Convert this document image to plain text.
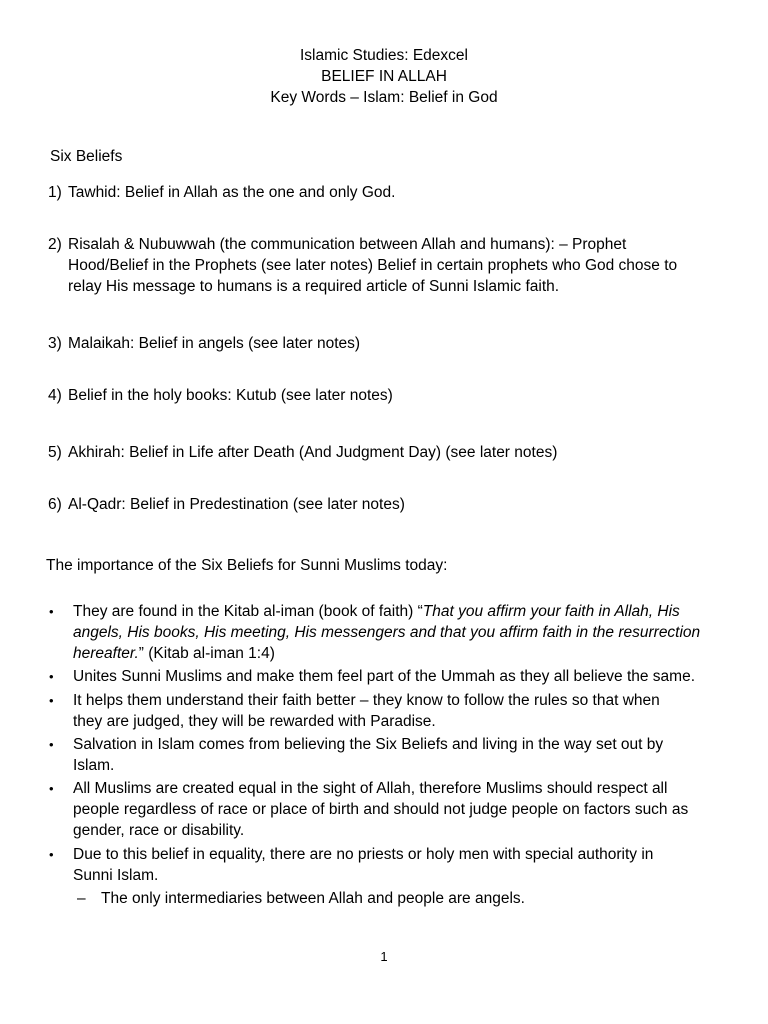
Islamic Studies: Edexcel
BELIEF IN ALLAH
Key Words – Islam: Belief in God
Six Beliefs
1) Tawhid: Belief in Allah as the one and only God.
2) Risalah & Nubuwwah (the communication between Allah and humans): – Prophet
Hood/Belief in the Prophets (see later notes) Belief in certain prophets who God chose to
relay His message to humans is a required article of Sunni Islamic faith.
3) Malaikah: Belief in angels (see later notes)
4) Belief in the holy books: Kutub (see later notes)
5) Akhirah: Belief in Life after Death (And Judgment Day) (see later notes)
6) Al-Qadr: Belief in Predestination (see later notes)
The importance of the Six Beliefs for Sunni Muslims today:
•	They are found in the Kitab al-iman (book of faith) “That you affirm your faith in Allah, His
angels, His books, His meeting, His messengers and that you affirm faith in the resurrection
hereafter.” (Kitab al-iman 1:4)
•	Unites Sunni Muslims and make them feel part of the Ummah as they all believe the same.
•	It helps them understand their faith better – they know to follow the rules so that when
they are judged, they will be rewarded with Paradise.
•	Salvation in Islam comes from believing the Six Beliefs and living in the way set out by
Islam.
•	All Muslims are created equal in the sight of Allah, therefore Muslims should respect all
people regardless of race or place of birth and should not judge people on factors such as
gender, race or disability.
•	Due to this belief in equality, there are no priests or holy men with special authority in
Sunni Islam.
– The only intermediaries between Allah and people are angels.
1
